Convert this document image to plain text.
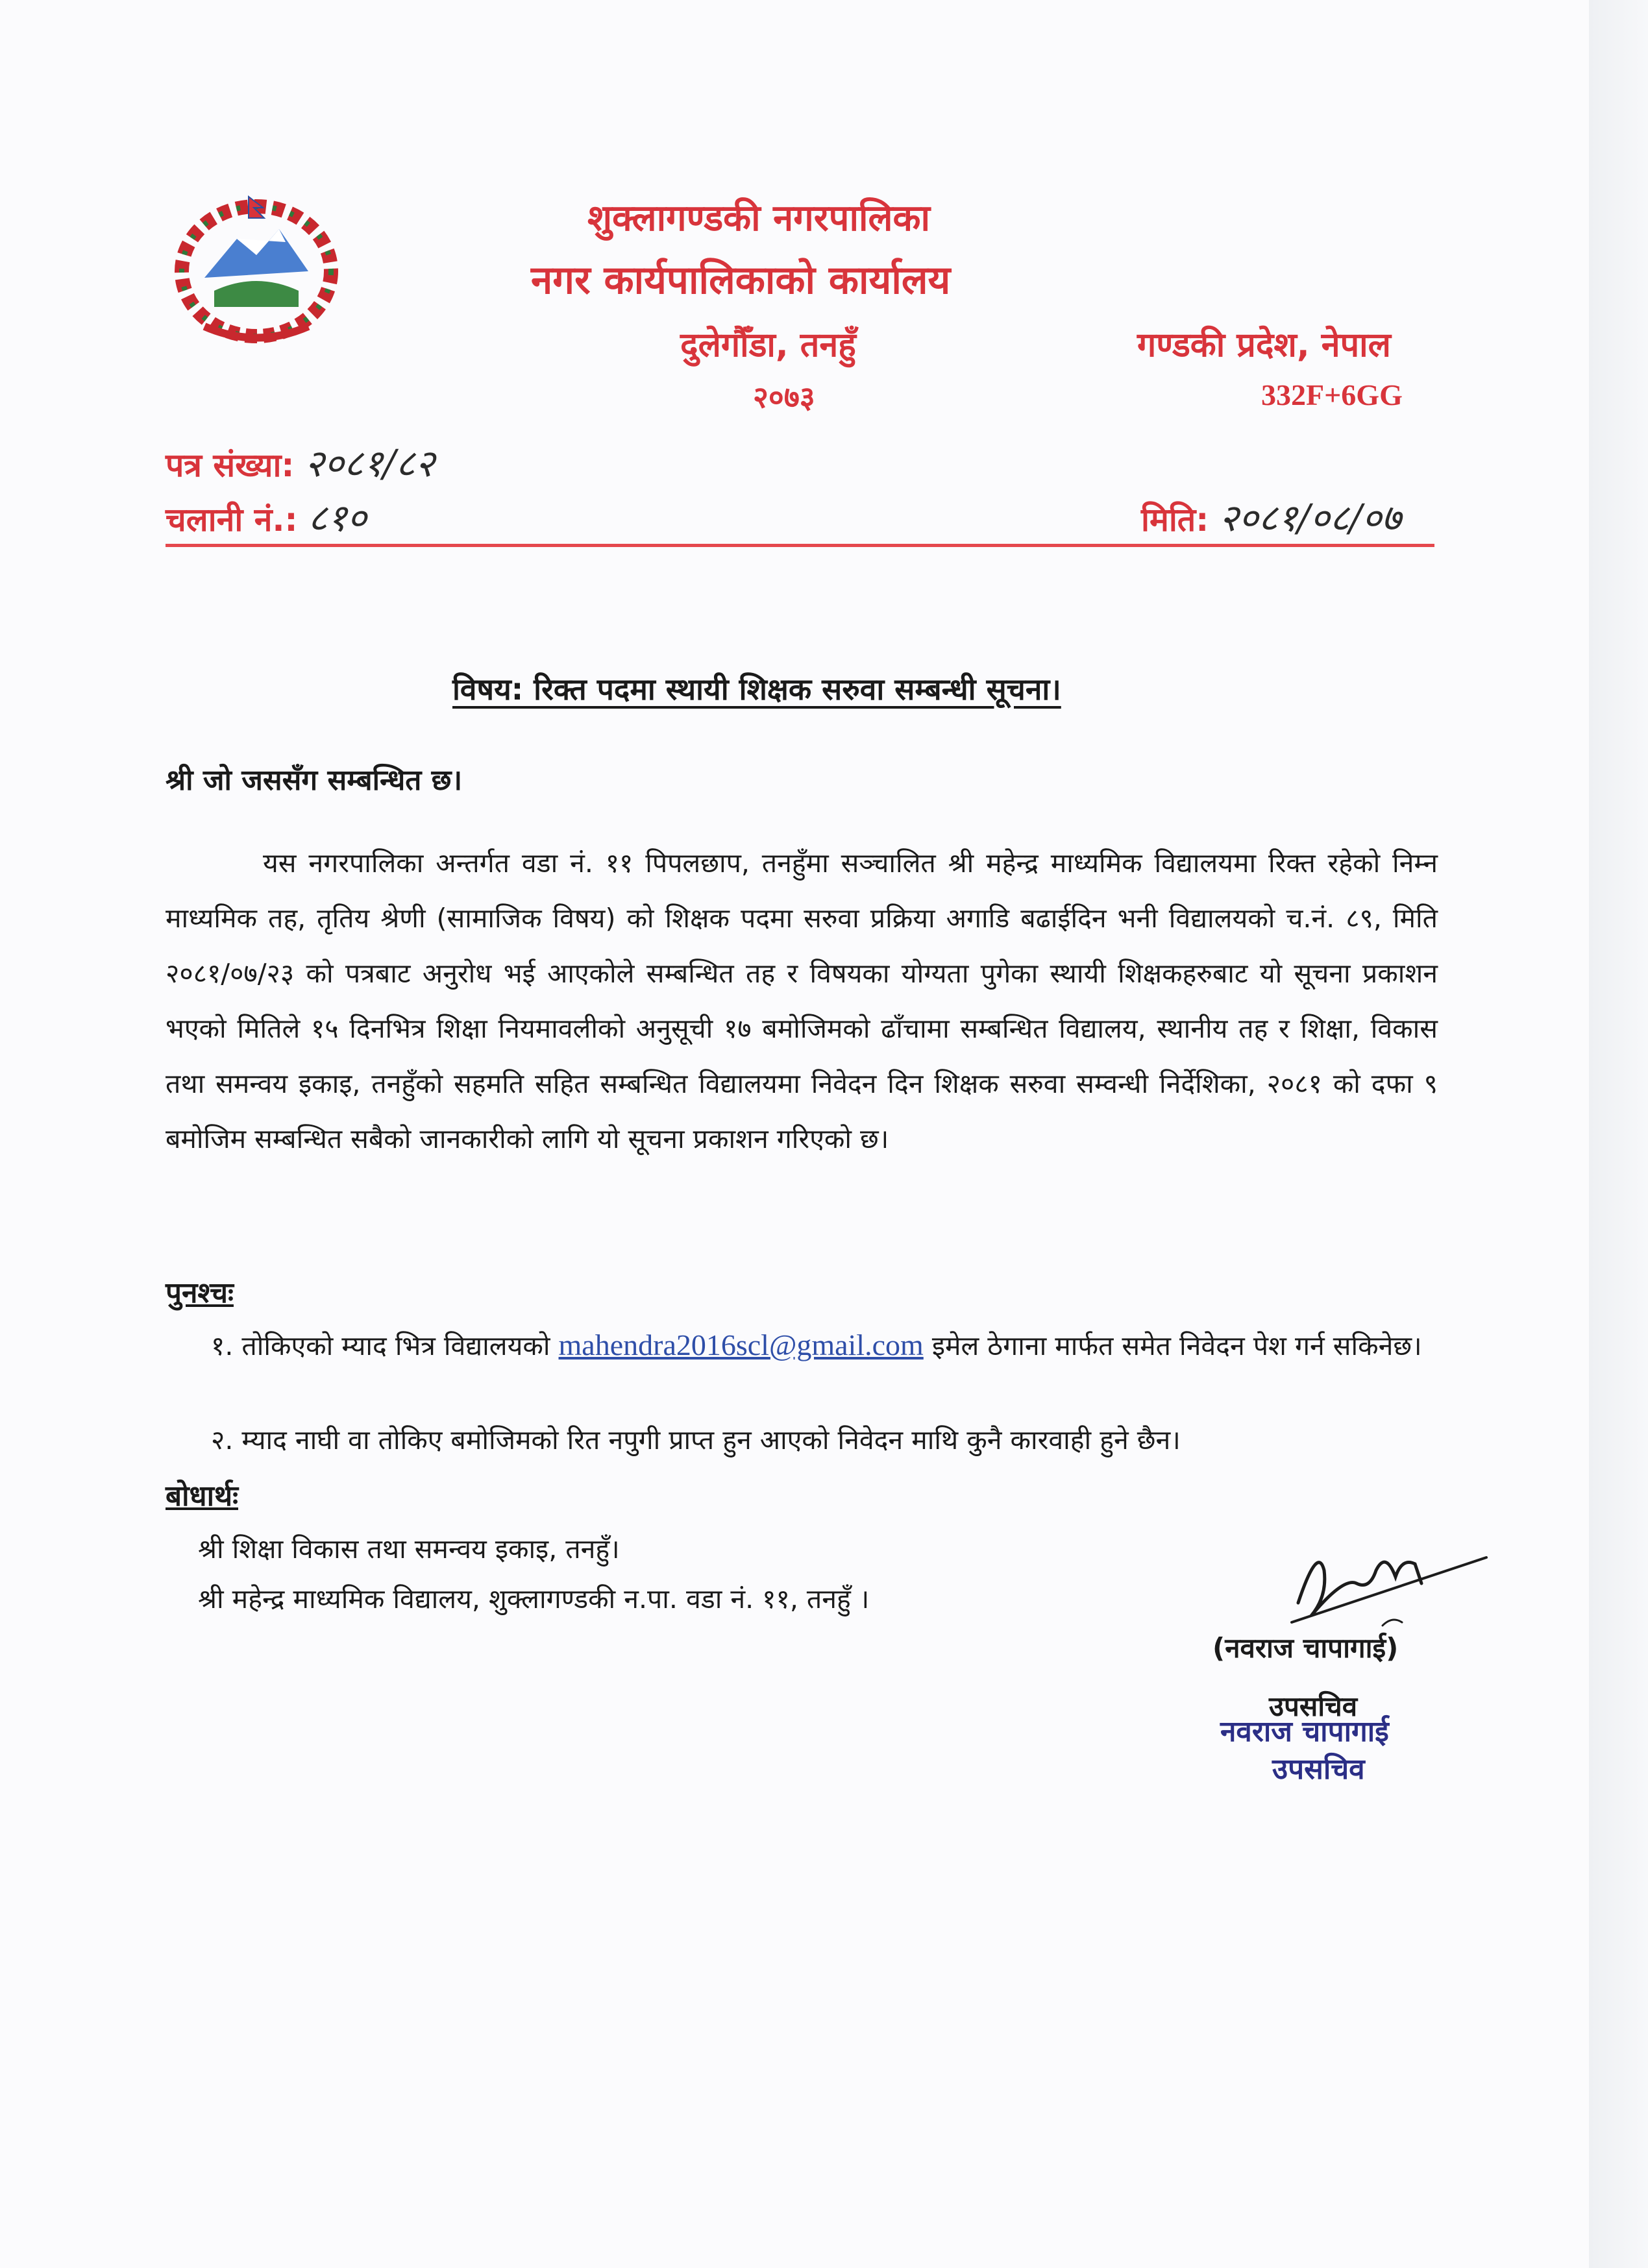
शुक्लागण्डकी नगरपालिका
नगर कार्यपालिकाको कार्यालय
दुलेगौँडा, तनहुँ
२०७३
गण्डकी प्रदेश, नेपाल
332F+6GG
पत्र संख्या: २०८१/८२
चलानी नं.: ८१०	मिति: २०८१/०८/०७
विषय: रिक्त पदमा स्थायी शिक्षक सरुवा सम्बन्धी सूचना।
श्री जो जससँग सम्बन्धित छ।
यस नगरपालिका अन्तर्गत वडा नं. ११ पिपलछाप, तनहुँमा सञ्चालित श्री महेन्द्र माध्यमिक विद्यालयमा रिक्त रहेको निम्न माध्यमिक तह, तृतिय श्रेणी (सामाजिक विषय) को शिक्षक पदमा सरुवा प्रक्रिया अगाडि बढाईदिन भनी विद्यालयको च.नं. ८९, मिति २०८१/०७/२३ को पत्रबाट अनुरोध भई आएकोले सम्बन्धित तह र विषयका योग्यता पुगेका स्थायी शिक्षकहरुबाट यो सूचना प्रकाशन भएको मितिले १५ दिनभित्र शिक्षा नियमावलीको अनुसूची १७ बमोजिमको ढाँचामा सम्बन्धित विद्यालय, स्थानीय तह र शिक्षा, विकास तथा समन्वय इकाइ, तनहुँको सहमति सहित सम्बन्धित विद्यालयमा निवेदन दिन शिक्षक सरुवा सम्वन्धी निर्देशिका, २०८१ को दफा ९ बमोजिम सम्बन्धित सबैको जानकारीको लागि यो सूचना प्रकाशन गरिएको छ।
पुनश्चः
१. तोकिएको म्याद भित्र विद्यालयको mahendra2016scl@gmail.com इमेल ठेगाना मार्फत समेत निवेदन पेश गर्न सकिनेछ।
२. म्याद नाघी वा तोकिए बमोजिमको रित नपुगी प्राप्त हुन आएको निवेदन माथि कुनै कारवाही हुने छैन।
बोधार्थः
श्री शिक्षा विकास तथा समन्वय इकाइ, तनहुँ।
श्री महेन्द्र माध्यमिक विद्यालय, शुक्लागण्डकी न.पा. वडा नं. ११, तनहुँ ।
(नवराज चापागाई)
उपसचिव
नवराज चापागाई
उपसचिव
